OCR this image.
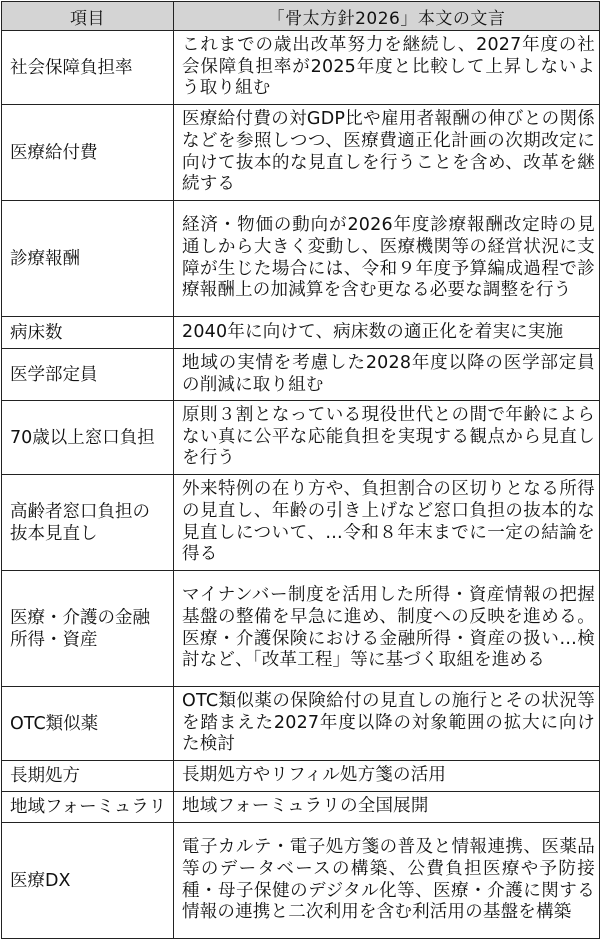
項目	「骨太方針2026」本文の文言
社会保障負担率	これまでの歳出改革努力を継続し、2027年度の社会保障負担率が2025年度と比較して上昇しないよう取り組む
医療給付費	医療給付費の対GDP比や雇用者報酬の伸びとの関係などを参照しつつ、医療費適正化計画の次期改定に向けて抜本的な見直しを行うことを含め、改革を継続する
診療報酬	経済・物価の動向が2026年度診療報酬改定時の見通しから大きく変動し、医療機関等の経営状況に支障が生じた場合には、令和９年度予算編成過程で診療報酬上の加減算を含む更なる必要な調整を行う
病床数	2040年に向けて、病床数の適正化を着実に実施
医学部定員	地域の実情を考慮した2028年度以降の医学部定員の削減に取り組む
70歳以上窓口負担	原則３割となっている現役世代との間で年齢によらない真に公平な応能負担を実現する観点から見直しを行う
高齢者窓口負担の抜本見直し	外来特例の在り方や、負担割合の区切りとなる所得の見直し、年齢の引き上げなど窓口負担の抜本的な見直しについて、…令和８年末までに一定の結論を得る
医療・介護の金融所得・資産	マイナンバー制度を活用した所得・資産情報の把握基盤の整備を早急に進め、制度への反映を進める。医療・介護保険における金融所得・資産の扱い…検討など、「改革工程」等に基づく取組を進める
OTC類似薬	OTC類似薬の保険給付の見直しの施行とその状況等を踏まえた2027年度以降の対象範囲の拡大に向けた検討
長期処方	長期処方やリフィル処方箋の活用
地域フォーミュラリ	地域フォーミュラリの全国展開
医療DX	電子カルテ・電子処方箋の普及と情報連携、医薬品等のデータベースの構築、公費負担医療や予防接種・母子保健のデジタル化等、医療・介護に関する情報の連携と二次利用を含む利活用の基盤を構築
